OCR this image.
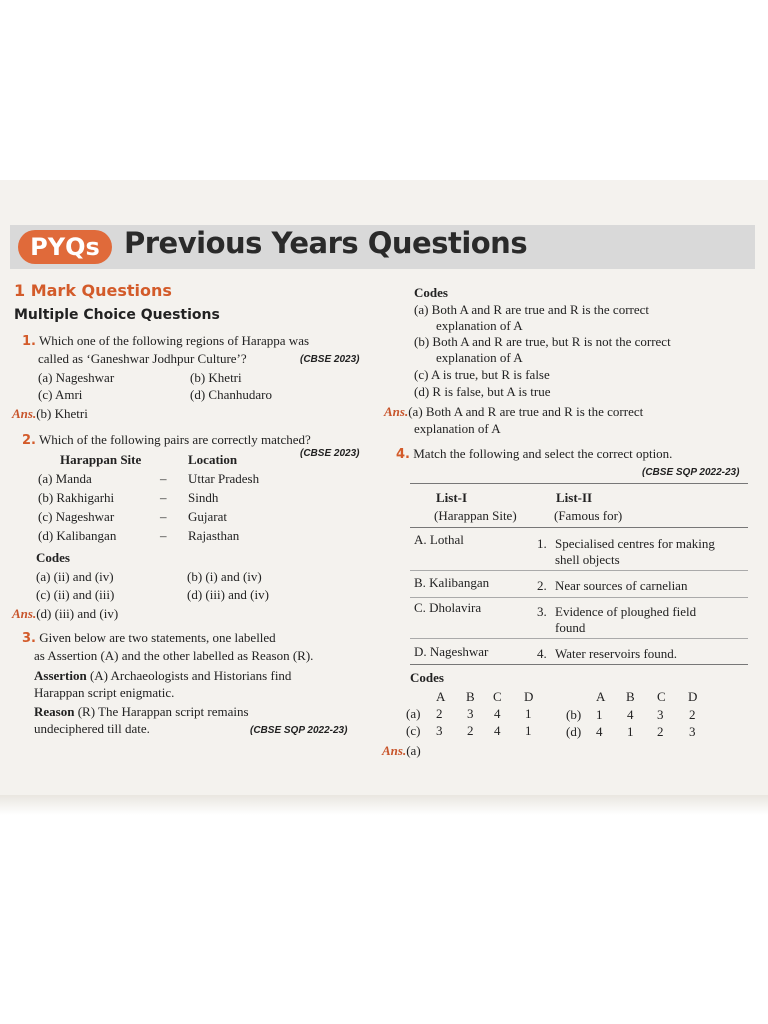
PYQs Previous Years Questions
1 Mark Questions
Multiple Choice Questions
1. Which one of the following regions of Harappa was
called as ‘Ganeshwar Jodhpur Culture’?	(CBSE 2023)
(a) Nageshwar	(b) Khetri
(c) Amri	(d) Chanhudaro
Ans.(b) Khetri
2. Which of the following pairs are correctly matched?
(CBSE 2023)
Harappan Site	Location
(a) Manda	– Uttar Pradesh
(b) Rakhigarhi	– Sindh
(c) Nageshwar	– Gujarat
(d) Kalibangan	– Rajasthan
Codes
(a) (ii) and (iv)	(b) (i) and (iv)
(c) (ii) and (iii)	(d) (iii) and (iv)
Ans.(d) (iii) and (iv)
3. Given below are two statements, one labelled
as Assertion (A) and the other labelled as Reason (R).
Assertion (A) Archaeologists and Historians find
Harappan script enigmatic.
Reason (R) The Harappan script remains
undeciphered till date.	(CBSE SQP 2022-23)
Codes
(a) Both A and R are true and R is the correct
explanation of A
(b) Both A and R are true, but R is not the correct
explanation of A
(c) A is true, but R is false
(d) R is false, but A is true
Ans.(a) Both A and R are true and R is the correct
explanation of A
4. Match the following and select the correct option.
(CBSE SQP 2022-23)
List-I	List-II
(Harappan Site)	(Famous for)
A. Lothal	1. Specialised centres for making
shell objects
B. Kalibangan	2. Near sources of carnelian
C. Dholavira	3. Evidence of ploughed field
found
D. Nageshwar	4. Water reservoirs found.
Codes
A B C D
(a) 2 3 4 1
(c) 3 2 4 1
A B C D
(b) 1 4 3 2
(d) 4 1 2 3
Ans.(a)
